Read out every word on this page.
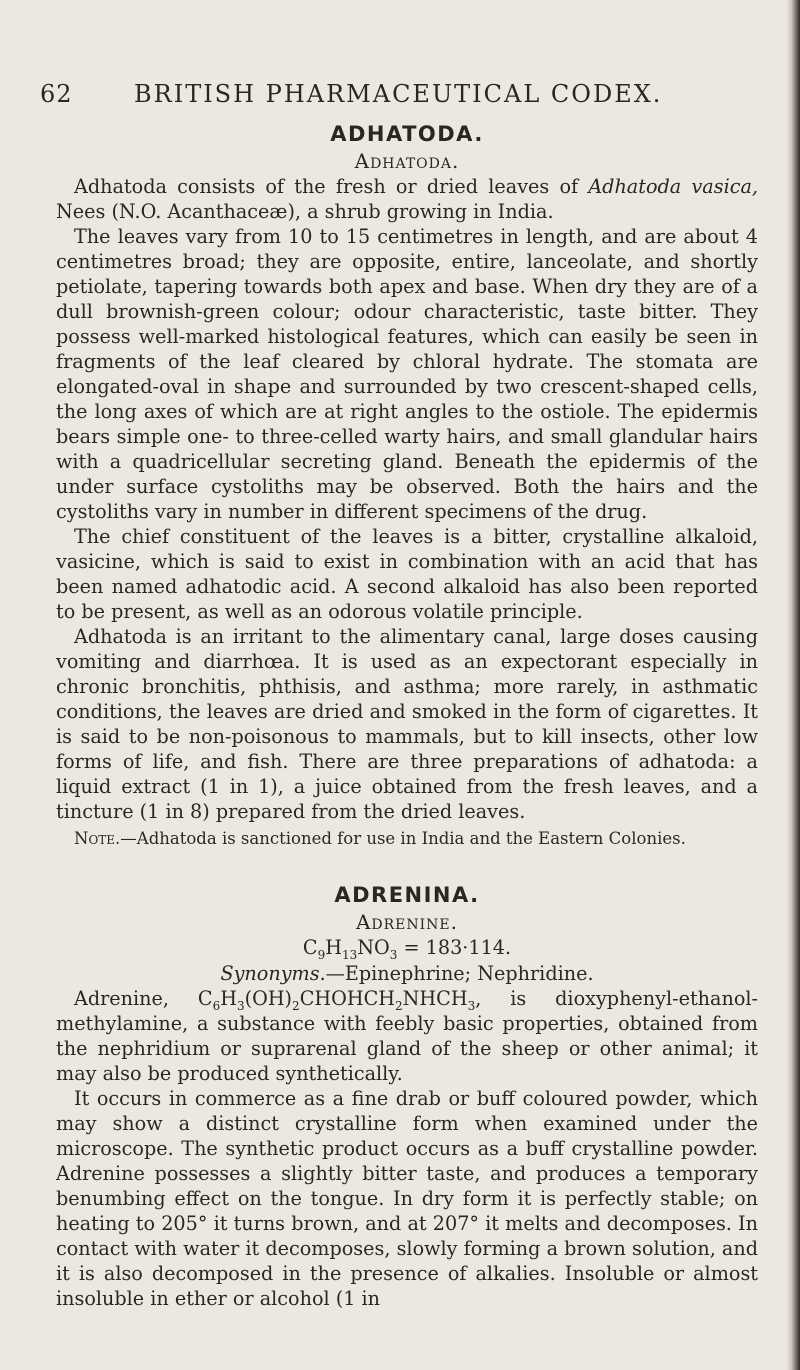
62	BRITISH PHARMACEUTICAL CODEX.
ADHATODA.
Adhatoda.

Adhatoda consists of the fresh or dried leaves of Adhatoda vasica, Nees (N.O. Acanthaceæ), a shrub growing in India.

The leaves vary from 10 to 15 centimetres in length, and are about 4 centimetres broad; they are opposite, entire, lanceolate, and shortly petiolate, tapering towards both apex and base. When dry they are of a dull brownish-green colour; odour characteristic, taste bitter. They possess well-marked histological features, which can easily be seen in fragments of the leaf cleared by chloral hydrate. The stomata are elongated-oval in shape and surrounded by two crescent-shaped cells, the long axes of which are at right angles to the ostiole. The epidermis bears simple one- to three-celled warty hairs, and small glandular hairs with a quadricellular secreting gland. Beneath the epidermis of the under surface cystoliths may be observed. Both the hairs and the cystoliths vary in number in different specimens of the drug.

The chief constituent of the leaves is a bitter, crystalline alkaloid, vasicine, which is said to exist in combination with an acid that has been named adhatodic acid. A second alkaloid has also been reported to be present, as well as an odorous volatile principle.

Adhatoda is an irritant to the alimentary canal, large doses causing vomiting and diarrhœa. It is used as an expectorant especially in chronic bronchitis, phthisis, and asthma; more rarely, in asthmatic conditions, the leaves are dried and smoked in the form of cigarettes. It is said to be non-poisonous to mammals, but to kill insects, other low forms of life, and fish. There are three preparations of adhatoda: a liquid extract (1 in 1), a juice obtained from the fresh leaves, and a tincture (1 in 8) prepared from the dried leaves.

Note.—Adhatoda is sanctioned for use in India and the Eastern Colonies.

ADRENINA.
Adrenine.
$C_9H_{13}NO_3 = 183\cdot 114$.

Synonyms.—Epinephrine; Nephridine.

Adrenine, $C_6H_3(OH)_2CHOHCH_2NHCH_3$, is dioxyphenyl-ethanol-methylamine, a substance with feebly basic properties, obtained from the nephridium or suprarenal gland of the sheep or other animal; it may also be produced synthetically.

It occurs in commerce as a fine drab or buff coloured powder, which may show a distinct crystalline form when examined under the microscope. The synthetic product occurs as a buff crystalline powder. Adrenine possesses a slightly bitter taste, and produces a temporary benumbing effect on the tongue. In dry form it is perfectly stable; on heating to 205° it turns brown, and at 207° it melts and decomposes. In contact with water it decomposes, slowly forming a brown solution, and it is also decomposed in the presence of alkalies. Insoluble or almost insoluble in ether or alcohol (1 in
